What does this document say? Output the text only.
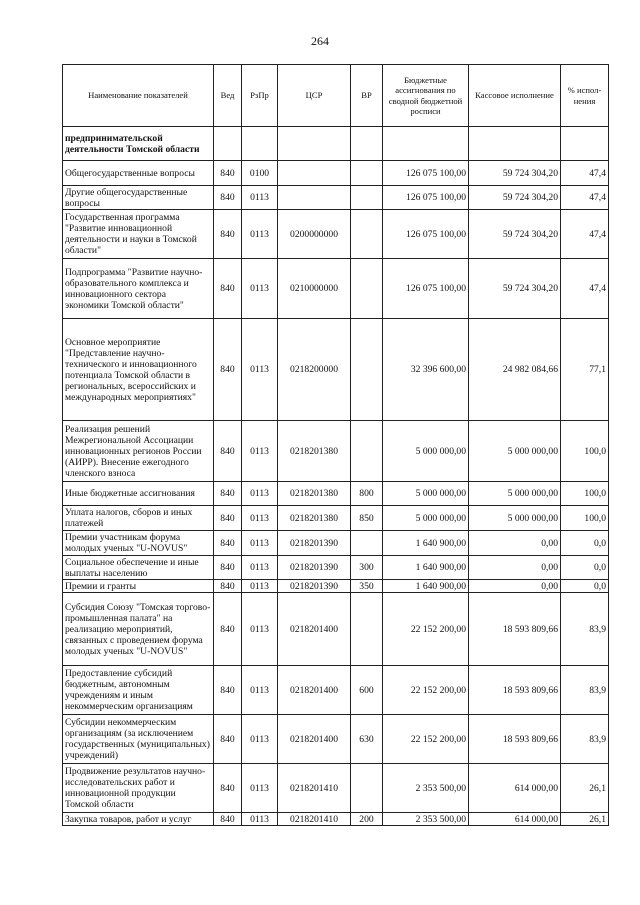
264
Наименование показателей	Вед	РзПр	ЦСР	ВР	Бюджетные ассигнования по сводной бюджетной росписи	Кассовое исполнение	% испол-нения
предпринимательской деятельности Томской области							
Общегосударственные вопросы	840	0100			126 075 100,00	59 724 304,20	47,4
Другие общегосударственные вопросы	840	0113			126 075 100,00	59 724 304,20	47,4
Государственная программа "Развитие инновационной деятельности и науки в Томской области"	840	0113	0200000000		126 075 100,00	59 724 304,20	47,4
Подпрограмма "Развитие научно-образовательного комплекса и инновационного сектора экономики Томской области"	840	0113	0210000000		126 075 100,00	59 724 304,20	47,4
Основное мероприятие "Представление научно-технического и инновационного потенциала Томской области в региональных, всероссийских и международных мероприятиях"	840	0113	0218200000		32 396 600,00	24 982 084,66	77,1
Реализация решений Межрегиональной Ассоциации инновационных регионов России (АИРР). Внесение ежегодного членского взноса	840	0113	0218201380		5 000 000,00	5 000 000,00	100,0
Иные бюджетные ассигнования	840	0113	0218201380	800	5 000 000,00	5 000 000,00	100,0
Уплата налогов, сборов и иных платежей	840	0113	0218201380	850	5 000 000,00	5 000 000,00	100,0
Премии участникам форума молодых ученых "U-NOVUS"	840	0113	0218201390		1 640 900,00	0,00	0,0
Социальное обеспечение и иные выплаты населению	840	0113	0218201390	300	1 640 900,00	0,00	0,0
Премии и гранты	840	0113	0218201390	350	1 640 900,00	0,00	0,0
Субсидия Союзу "Томская торгово-промышленная палата" на реализацию мероприятий, связанных с проведением форума молодых ученых "U-NOVUS"	840	0113	0218201400		22 152 200,00	18 593 809,66	83,9
Предоставление субсидий бюджетным, автономным учреждениям и иным некоммерческим организациям	840	0113	0218201400	600	22 152 200,00	18 593 809,66	83,9
Субсидии некоммерческим организациям (за исключением государственных (муниципальных) учреждений)	840	0113	0218201400	630	22 152 200,00	18 593 809,66	83,9
Продвижение результатов научно-исследовательских работ и инновационной продукции Томской области	840	0113	0218201410		2 353 500,00	614 000,00	26,1
Закупка товаров, работ и услуг	840	0113	0218201410	200	2 353 500,00	614 000,00	26,1
